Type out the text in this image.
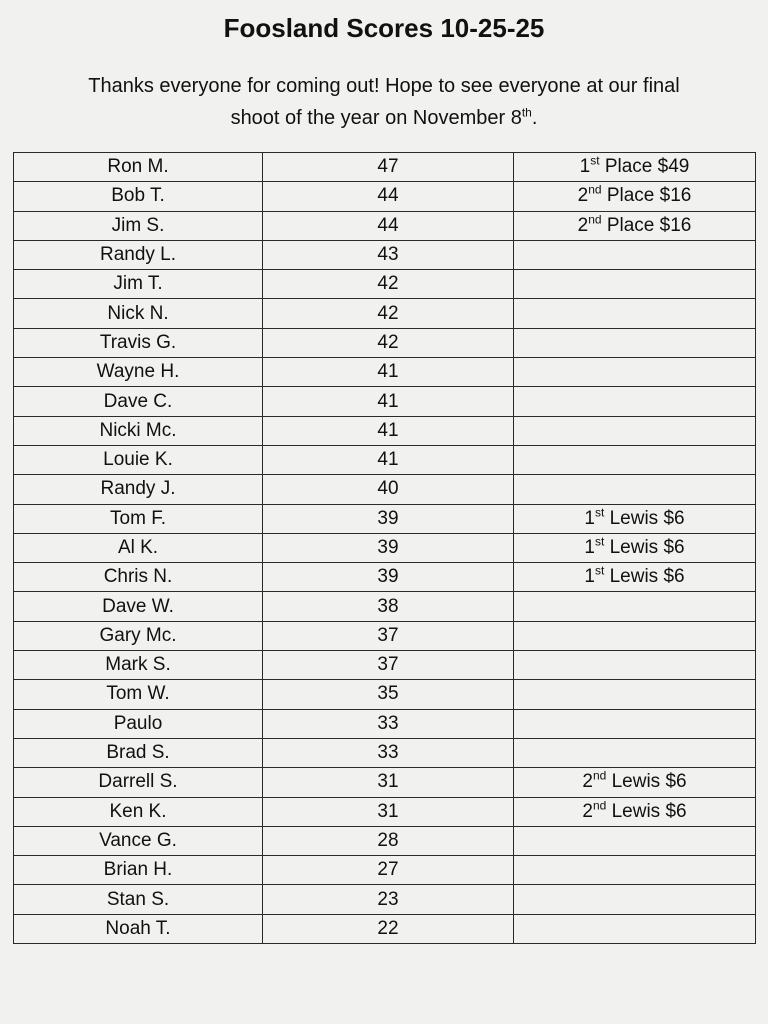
Foosland Scores 10-25-25
Thanks everyone for coming out! Hope to see everyone at our final
shoot of the year on November 8th.
Ron M.	47	1st Place $49
Bob T.	44	2nd Place $16
Jim S.	44	2nd Place $16
Randy L.	43	
Jim T.	42	
Nick N.	42	
Travis G.	42	
Wayne H.	41	
Dave C.	41	
Nicki Mc.	41	
Louie K.	41	
Randy J.	40	
Tom F.	39	1st Lewis $6
Al K.	39	1st Lewis $6
Chris N.	39	1st Lewis $6
Dave W.	38	
Gary Mc.	37	
Mark S.	37	
Tom W.	35	
Paulo	33	
Brad S.	33	
Darrell S.	31	2nd Lewis $6
Ken K.	31	2nd Lewis $6
Vance G.	28	
Brian H.	27	
Stan S.	23	
Noah T.	22	
